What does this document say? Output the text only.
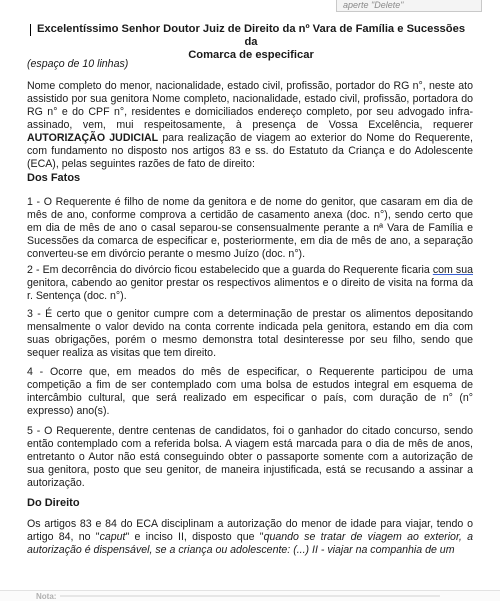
aperte "Delete"
Excelentíssimo Senhor Doutor Juiz de Direito da nº Vara de Família e Sucessões da
Comarca de especificar
(espaço de 10 linhas)
Nome completo do menor, nacionalidade, estado civil, profissão, portador do RG n°, neste ato assistido por sua genitora Nome completo, nacionalidade, estado civil, profissão, portadora do RG n° e do CPF n°, residentes e domiciliados endereço completo, por seu advogado infra-assinado, vem, mui respeitosamente, à presença de Vossa Excelência, requerer AUTORIZAÇÃO JUDICIAL para realização de viagem ao exterior do Nome do Requerente, com fundamento no disposto nos artigos 83 e ss. do Estatuto da Criança e do Adolescente (ECA), pelas seguintes razões de fato de direito:
Dos Fatos
1 - O Requerente é filho de nome da genitora e de nome do genitor, que casaram em dia de mês de ano, conforme comprova a certidão de casamento anexa (doc. n°), sendo certo que em dia de mês de ano o casal separou-se consensualmente perante a nª Vara de Família e Sucessões da comarca de especificar e, posteriormente, em dia de mês de ano, a separação converteu-se em divórcio perante o mesmo Juízo (doc. n°).
2 - Em decorrência do divórcio ficou estabelecido que a guarda do Requerente ficaria com sua genitora, cabendo ao genitor prestar os respectivos alimentos e o direito de visita na forma da r. Sentença (doc. n°).
3 - É certo que o genitor cumpre com a determinação de prestar os alimentos depositando mensalmente o valor devido na conta corrente indicada pela genitora, estando em dia com suas obrigações, porém o mesmo demonstra total desinteresse por seu filho, sendo que sequer realiza as visitas que tem direito.
4 - Ocorre que, em meados do mês de especificar, o Requerente participou de uma competição a fim de ser contemplado com uma bolsa de estudos integral em esquema de intercâmbio cultural, que será realizado em especificar o país, com duração de n° (n° expresso) ano(s).
5 - O Requerente, dentre centenas de candidatos, foi o ganhador do citado concurso, sendo então contemplado com a referida bolsa. A viagem está marcada para o dia de mês de anos, entretanto o Autor não está conseguindo obter o passaporte somente com a autorização de sua genitora, posto que seu genitor, de maneira injustificada, está se recusando a assinar a autorização.
Do Direito
Os artigos 83 e 84 do ECA disciplinam a autorização do menor de idade para viajar, tendo o artigo 84, no "caput" e inciso II, disposto que "quando se tratar de viagem ao exterior, a autorização é dispensável, se a criança ou adolescente: (...) II - viajar na companhia de um
Nota:
